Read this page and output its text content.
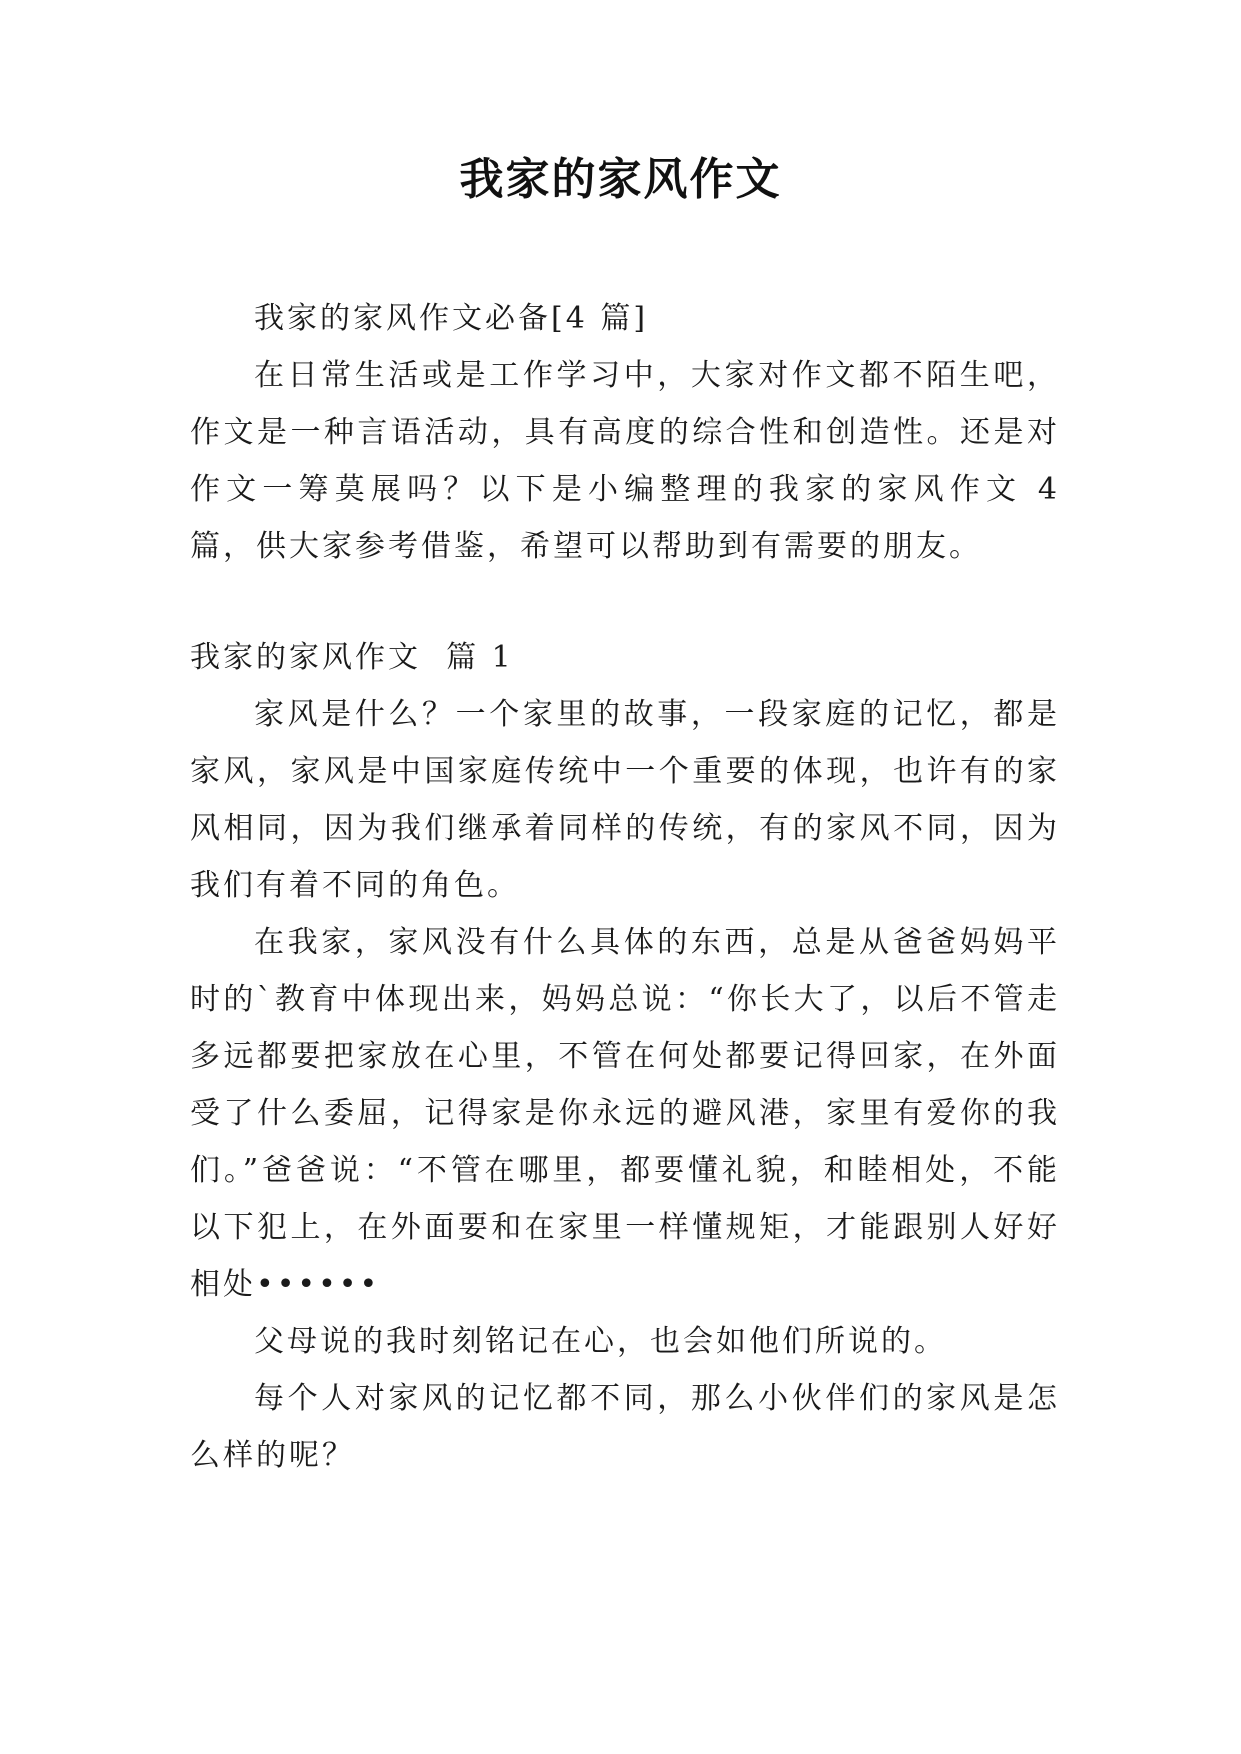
我家的家风作文

我家的家风作文必备[4 篇]

在日常生活或是工作学习中，大家对作文都不陌生吧，作文是一种言语活动，具有高度的综合性和创造性。还是对作文一筹莫展吗？以下是小编整理的我家的家风作文 4 篇，供大家参考借鉴，希望可以帮助到有需要的朋友。

我家的家风作文  篇 1

家风是什么？一个家里的故事，一段家庭的记忆，都是家风，家风是中国家庭传统中一个重要的体现，也许有的家风相同，因为我们继承着同样的传统，有的家风不同，因为我们有着不同的角色。

在我家，家风没有什么具体的东西，总是从爸爸妈妈平时的`教育中体现出来，妈妈总说：“你长大了，以后不管走多远都要把家放在心里，不管在何处都要记得回家，在外面受了什么委屈，记得家是你永远的避风港，家里有爱你的我们。”爸爸说：“不管在哪里，都要懂礼貌，和睦相处，不能以下犯上，在外面要和在家里一样懂规矩，才能跟别人好好相处••••••

父母说的我时刻铭记在心，也会如他们所说的。

每个人对家风的记忆都不同，那么小伙伴们的家风是怎么样的呢？
